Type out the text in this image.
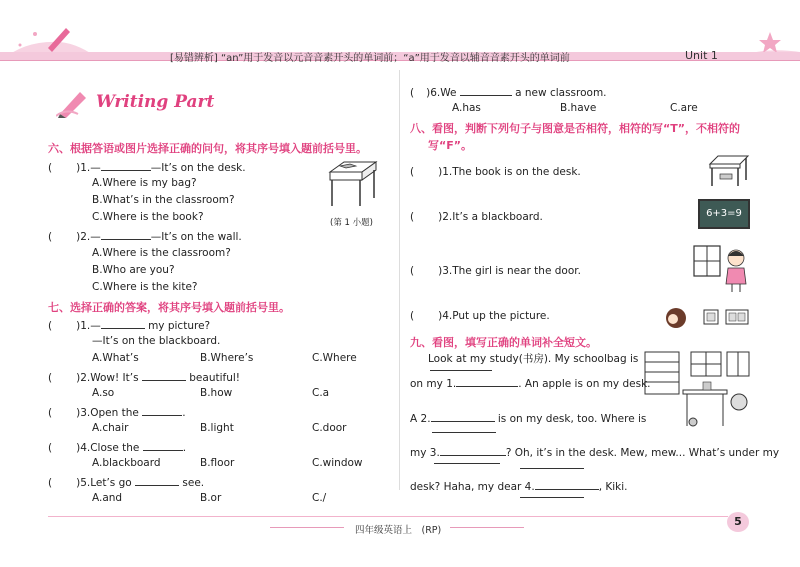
[易错辨析] “an”用于发音以元音音素开头的单词前；“a”用于发音以辅音音素开头的单词前	Unit 1
Writing Part
六、根据答语或图片选择正确的问句，将其序号填入题前括号里。
( )1.—	—It’s on the desk.
A.Where is my bag?
B.What’s in the classroom?
C.Where is the book?	(第 1 小题)
( )2.—	—It’s on the wall.
A.Where is the classroom?
B.Who are you?
C.Where is the kite?
七、选择正确的答案，将其序号填入题前括号里。
( )1.—	my picture?
—It’s on the blackboard.
A.What’s	B.Where’s	C.Where
( )2.Wow! It’s	beautiful!
A.so	B.how	C.a
( )3.Open the	.
A.chair	B.light	C.door
( )4.Close the	.
A.blackboard	B.floor	C.window
( )5.Let’s go	see.
A.and	B.or	C./
( )6.We	a new classroom.
A.has	B.have	C.are
八、看图，判断下列句子与图意是否相符，相符的写“T”，不相符的
写“F”。
( )1.The book is on the desk.
( )2.It’s a blackboard.	6+3=9
( )3.The girl is near the door.
( )4.Put up the picture.
九、看图，填写正确的单词补全短文。
Look at my study(书房). My schoolbag is
on my 1.	. An apple is on my desk.
A 2.	is on my desk, too. Where is
my 3.	? Oh, it’s in the desk. Mew, mew... What’s under my
desk? Haha, my dear 4.	, Kiki.
四年级英语上　(RP)
5
